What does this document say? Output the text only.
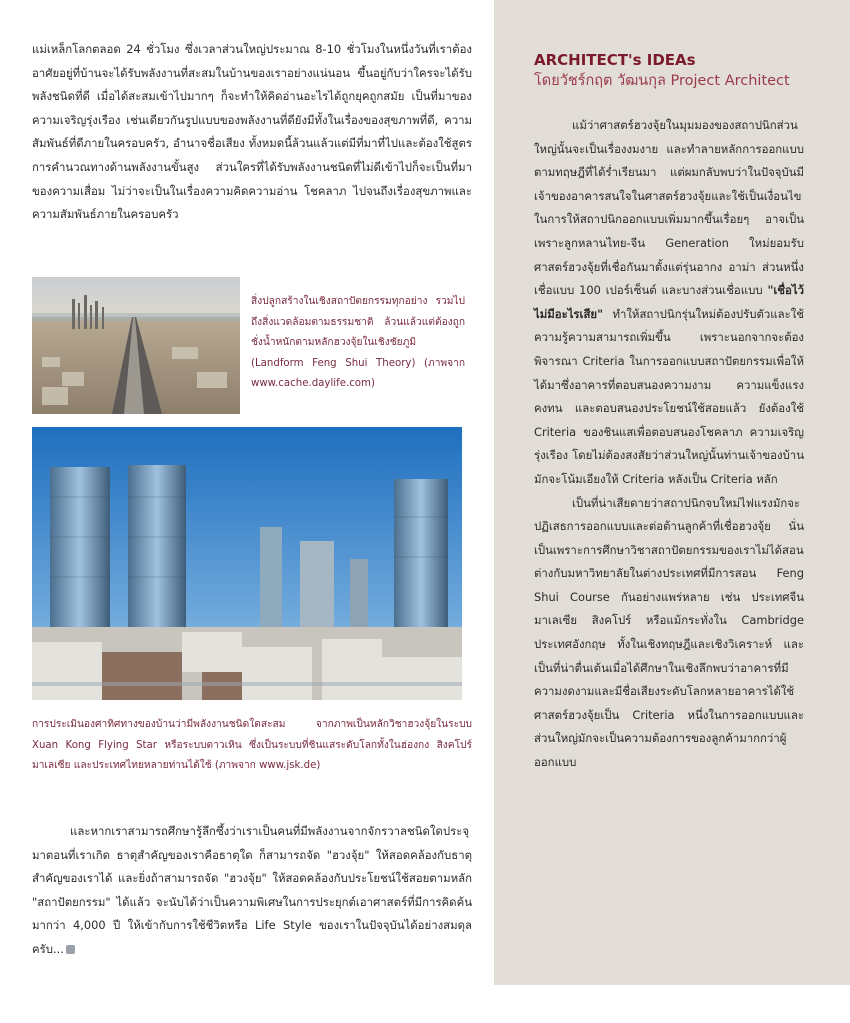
แม่เหล็กโลกตลอด 24 ชั่วโมง ซึ่งเวลาส่วนใหญ่ประมาณ 8-10 ชั่วโมงในหนึ่งวันที่เราต้องอาศัยอยู่ที่บ้านจะได้รับพลังงานที่สะสมในบ้านของเราอย่างแน่นอน ขึ้นอยู่กับว่าใครจะได้รับพลังชนิดที่ดี เมื่อได้สะสมเข้าไปมากๆ ก็จะทำให้คิดอ่านอะไรได้ถูกยุคถูกสมัย เป็นที่มาของความเจริญรุ่งเรือง เช่นเดียวกันรูปแบบของพลังงานที่ดียังมีทั้งในเรื่องของสุขภาพที่ดี, ความสัมพันธ์ที่ดีภายในครอบครัว, อำนาจชื่อเสียง ทั้งหมดนี้ล้วนแล้วแต่มีที่มาที่ไปและต้องใช้สูตรการคำนวณทางด้านพลังงานขั้นสูง ส่วนใครที่ได้รับพลังงานชนิดที่ไม่ดีเข้าไปก็จะเป็นที่มาของความเสื่อม ไม่ว่าจะเป็นในเรื่องความคิดความอ่าน โชคลาภ ไปจนถึงเรื่องสุขภาพและความสัมพันธ์ภายในครอบครัว

สิ่งปลูกสร้างในเชิงสถาปัตยกรรมทุกอย่าง รวมไปถึงสิ่งแวดล้อมตามธรรมชาติ ล้วนแล้วแต่ต้องถูกชั่งน้ำหนักตามหลักฮวงจุ้ยในเชิงชัยภูมิ (Landform Feng Shui Theory) (ภาพจาก www.cache.daylife.com)
การประเมินองศาทิศทางของบ้านว่ามีพลังงานชนิดใดสะสม จากภาพเป็นหลักวิชาฮวงจุ้ยในระบบ Xuan Kong Flying Star หรือระบบดาวเหิน ซึ่งเป็นระบบที่ชินแสระดับโลกทั้งในฮ่องกง สิงคโปร์ มาเลเซีย และประเทศไทยหลายท่านได้ใช้ (ภาพจาก www.jsk.de)

และหากเราสามารถศึกษารู้ลึกซึ้งว่าเราเป็นคนที่มีพลังงานจากจักรวาลชนิดใดประจุมาตอนที่เราเกิด ธาตุสำคัญของเราคือธาตุใด ก็สามารถจัด "ฮวงจุ้ย" ให้สอดคล้องกับธาตุสำคัญของเราได้ และยิ่งถ้าสามารถจัด "ฮวงจุ้ย" ให้สอดคล้องกับประโยชน์ใช้สอยตามหลัก "สถาปัตยกรรม" ได้แล้ว จะนับได้ว่าเป็นความพิเศษในการประยุกต์เอาศาสตร์ที่มีการคิดค้นมากว่า 4,000 ปี ให้เข้ากับการใช้ชีวิตหรือ Life Style ของเราในปัจจุบันได้อย่างสมดุลครับ...

ARCHITECT's IDEAs
โดยวัชร์กฤต วัฒนกุล Project Architect

แม้ว่าศาสตร์ฮวงจุ้ยในมุมมองของสถาปนิกส่วนใหญ่นั้นจะเป็นเรื่องงมงาย และทำลายหลักการออกแบบตามทฤษฎีที่ได้ร่ำเรียนมา แต่ผมกลับพบว่าในปัจจุบันมีเจ้าของอาคารสนใจในศาสตร์ฮวงจุ้ยและใช้เป็นเงื่อนไขในการให้สถาปนิกออกแบบเพิ่มมากขึ้นเรื่อยๆ อาจเป็นเพราะลูกหลานไทย-จีน Generation ใหม่ยอมรับศาสตร์ฮวงจุ้ยที่เชื่อกันมาตั้งแต่รุ่นอากง อาม่า ส่วนหนึ่งเชื่อแบบ 100 เปอร์เซ็นต์ และบางส่วนเชื่อแบบ "เชื่อไว้ไม่มีอะไรเสีย" ทำให้สถาปนิกรุ่นใหม่ต้องปรับตัวและใช้ความรู้ความสามารถเพิ่มขึ้น เพราะนอกจากจะต้องพิจารณา Criteria ในการออกแบบสถาปัตยกรรมเพื่อให้ได้มาซึ่งอาคารที่ตอบสนองความงาม ความแข็งแรงคงทน และตอบสนองประโยชน์ใช้สอยแล้ว ยังต้องใช้ Criteria ของชินแสเพื่อตอบสนองโชคลาภ ความเจริญรุ่งเรือง โดยไม่ต้องสงสัยว่าส่วนใหญ่นั้นท่านเจ้าของบ้านมักจะโน้มเอียงให้ Criteria หลังเป็น Criteria หลัก

เป็นที่น่าเสียดายว่าสถาปนิกจบใหม่ไฟแรงมักจะปฏิเสธการออกแบบและต่อต้านลูกค้าที่เชื่อฮวงจุ้ย นั่นเป็นเพราะการศึกษาวิชาสถาปัตยกรรมของเราไม่ได้สอน ต่างกับมหาวิทยาลัยในต่างประเทศที่มีการสอน Feng Shui Course กันอย่างแพร่หลาย เช่น ประเทศจีน มาเลเซีย สิงคโปร์ หรือแม้กระทั่งใน Cambridge ประเทศอังกฤษ ทั้งในเชิงทฤษฎีและเชิงวิเคราะห์ และเป็นที่น่าตื่นเต้นเมื่อได้ศึกษาในเชิงลึกพบว่าอาคารที่มีความงดงามและมีชื่อเสียงระดับโลกหลายอาคารได้ใช้ศาสตร์ฮวงจุ้ยเป็น Criteria หนึ่งในการออกแบบและ ส่วนใหญ่มักจะเป็นความต้องการของลูกค้ามากกว่าผู้ออกแบบ
